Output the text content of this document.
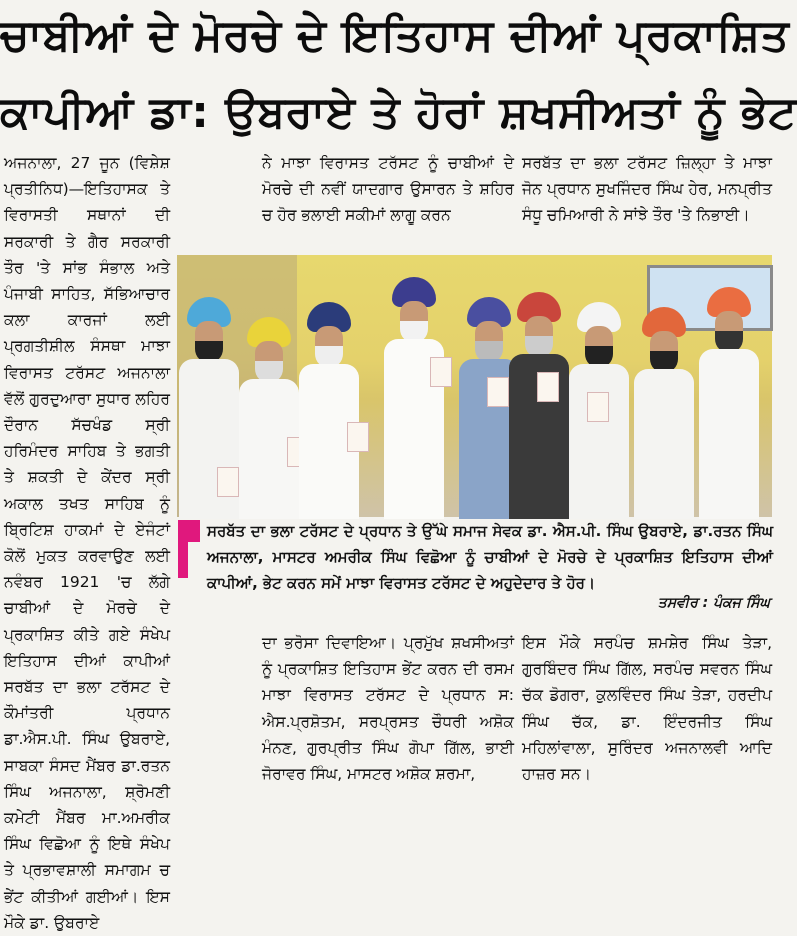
ਚਾਬੀਆਂ ਦੇ ਮੋਰਚੇ ਦੇ ਇਤਿਹਾਸ ਦੀਆਂ ਪ੍ਰਕਾਸ਼ਿਤ
ਕਾਪੀਆਂ ਡਾ: ਉਬਰਾਏ ਤੇ ਹੋਰਾਂ ਸ਼ਖਸੀਅਤਾਂ ਨੂੰ ਭੇਟ

ਅਜਨਾਲਾ, 27 ਜੂਨ (ਵਿਸ਼ੇਸ਼ ਪ੍ਰਤੀਨਿਧ)—ਇਤਿਹਾਸਕ ਤੇ ਵਿਰਾਸਤੀ ਸਥਾਨਾਂ ਦੀ ਸਰਕਾਰੀ ਤੇ ਗੈਰ ਸਰਕਾਰੀ ਤੌਰ 'ਤੇ ਸਾਂਭ ਸੰਭਾਲ ਅਤੇ ਪੰਜਾਬੀ ਸਾਹਿਤ, ਸੱਭਿਆਚਾਰ ਕਲਾ ਕਾਰਜਾਂ ਲਈ ਪ੍ਰਗਤੀਸ਼ੀਲ ਸੰਸਥਾ ਮਾਝਾ ਵਿਰਾਸਤ ਟਰੱਸਟ ਅਜਨਾਲਾ ਵੱਲੋਂ ਗੁਰਦੁਆਰਾ ਸੁਧਾਰ ਲਹਿਰ ਦੌਰਾਨ ਸੱਚਖੰਡ ਸ੍ਰੀ ਹਰਿਮੰਦਰ ਸਾਹਿਬ ਤੇ ਭਗਤੀ ਤੇ ਸ਼ਕਤੀ ਦੇ ਕੇਂਦਰ ਸ੍ਰੀ ਅਕਾਲ ਤਖਤ ਸਾਹਿਬ ਨੂੰ ਬ੍ਰਿਟਿਸ਼ ਹਾਕਮਾਂ ਦੇ ਏਜੰਟਾਂ ਕੋਲੋਂ ਮੁਕਤ ਕਰਵਾਉਣ ਲਈ ਨਵੰਬਰ 1921 'ਚ ਲੱਗੇ ਚਾਬੀਆਂ ਦੇ ਮੋਰਚੇ ਦੇ ਪ੍ਰਕਾਸ਼ਿਤ ਕੀਤੇ ਗਏ ਸੰਖੇਪ ਇਤਿਹਾਸ ਦੀਆਂ ਕਾਪੀਆਂ ਸਰਬੱਤ ਦਾ ਭਲਾ ਟਰੱਸਟ ਦੇ ਕੌਮਾਂਤਰੀ ਪ੍ਰਧਾਨ ਡਾ.ਐਸ.ਪੀ. ਸਿੰਘ ਉਬਰਾਏ, ਸਾਬਕਾ ਸੰਸਦ ਮੈਂਬਰ ਡਾ.ਰਤਨ ਸਿੰਘ ਅਜਨਾਲਾ, ਸ਼੍ਰੋਮਣੀ ਕਮੇਟੀ ਮੈਂਬਰ ਮਾ.ਅਮਰੀਕ ਸਿੰਘ ਵਿਛੋਆ ਨੂੰ ਇਥੇ ਸੰਖੇਪ ਤੇ ਪ੍ਰਭਾਵਸ਼ਾਲੀ ਸਮਾਗਮ ਚ ਭੇਂਟ ਕੀਤੀਆਂ ਗਈਆਂ। ਇਸ ਮੌਕੇ ਡਾ. ਉਬਰਾਏ

ਨੇ ਮਾਝਾ ਵਿਰਾਸਤ ਟਰੱਸਟ ਨੂੰ ਚਾਬੀਆਂ ਦੇ ਮੋਰਚੇ ਦੀ ਨਵੀਂ ਯਾਦਗਾਰ ਉਸਾਰਨ ਤੇ ਸ਼ਹਿਰ ਚ ਹੋਰ ਭਲਾਈ ਸਕੀਮਾਂ ਲਾਗੂ ਕਰਨ

ਸਰਬੱਤ ਦਾ ਭਲਾ ਟਰੱਸਟ ਜ਼ਿਲ੍ਹਾ ਤੇ ਮਾਝਾ ਜੋਨ ਪ੍ਰਧਾਨ ਸੁਖਜਿੰਦਰ ਸਿੰਘ ਹੇਰ, ਮਨਪ੍ਰੀਤ ਸੰਧੂ ਚਮਿਆਰੀ ਨੇ ਸਾਂਝੇ ਤੌਰ 'ਤੇ ਨਿਭਾਈ।

ਸਰਬੱਤ ਦਾ ਭਲਾ ਟਰੱਸਟ ਦੇ ਪ੍ਰਧਾਨ ਤੇ ਉੱਘੇ ਸਮਾਜ ਸੇਵਕ ਡਾ. ਐਸ.ਪੀ. ਸਿੰਘ ਉਬਰਾਏ, ਡਾ.ਰਤਨ ਸਿੰਘ ਅਜਨਾਲਾ, ਮਾਸਟਰ ਅਮਰੀਕ ਸਿੰਘ ਵਿਛੋਆ ਨੂੰ ਚਾਬੀਆਂ ਦੇ ਮੋਰਚੇ ਦੇ ਪ੍ਰਕਾਸ਼ਿਤ ਇਤਿਹਾਸ ਦੀਆਂ ਕਾਪੀਆਂ, ਭੇਟ ਕਰਨ ਸਮੇਂ ਮਾਝਾ ਵਿਰਾਸਤ ਟਰੱਸਟ ਦੇ ਅਹੁਦੇਦਾਰ ਤੇ ਹੋਰ।
ਤਸਵੀਰ : ਪੰਕਜ ਸਿੰਘ

ਦਾ ਭਰੋਸਾ ਦਿਵਾਇਆ। ਪ੍ਰਮੁੱਖ ਸ਼ਖਸੀਅਤਾਂ ਨੂੰ ਪ੍ਰਕਾਸ਼ਿਤ ਇਤਿਹਾਸ ਭੇਂਟ ਕਰਨ ਦੀ ਰਸਮ ਮਾਝਾ ਵਿਰਾਸਤ ਟਰੱਸਟ ਦੇ ਪ੍ਰਧਾਨ ਸ: ਐਸ.ਪ੍ਰਸ਼ੋਤਮ, ਸਰਪ੍ਰਸਤ ਚੌਧਰੀ ਅਸ਼ੋਕ ਮੰਨਣ, ਗੁਰਪ੍ਰੀਤ ਸਿੰਘ ਗੋਪਾ ਗਿੱਲ, ਭਾਈ ਜੋਰਾਵਰ ਸਿੰਘ, ਮਾਸਟਰ ਅਸ਼ੋਕ ਸ਼ਰਮਾ,

ਇਸ ਮੌਕੇ ਸਰਪੰਚ ਸ਼ਮਸ਼ੇਰ ਸਿੰਘ ਤੇੜਾ, ਗੁਰਬਿੰਦਰ ਸਿੰਘ ਗਿੱਲ, ਸਰਪੰਚ ਸਵਰਨ ਸਿੰਘ ਚੱਕ ਡੋਗਰਾ, ਕੁਲਵਿੰਦਰ ਸਿੰਘ ਤੇੜਾ, ਹਰਦੀਪ ਸਿੰਘ ਚੱਕ, ਡਾ. ਇੰਦਰਜੀਤ ਸਿੰਘ ਮਹਿਲਾਂਵਾਲਾ, ਸੁਰਿੰਦਰ ਅਜਨਾਲਵੀ ਆਦਿ ਹਾਜ਼ਰ ਸਨ।
